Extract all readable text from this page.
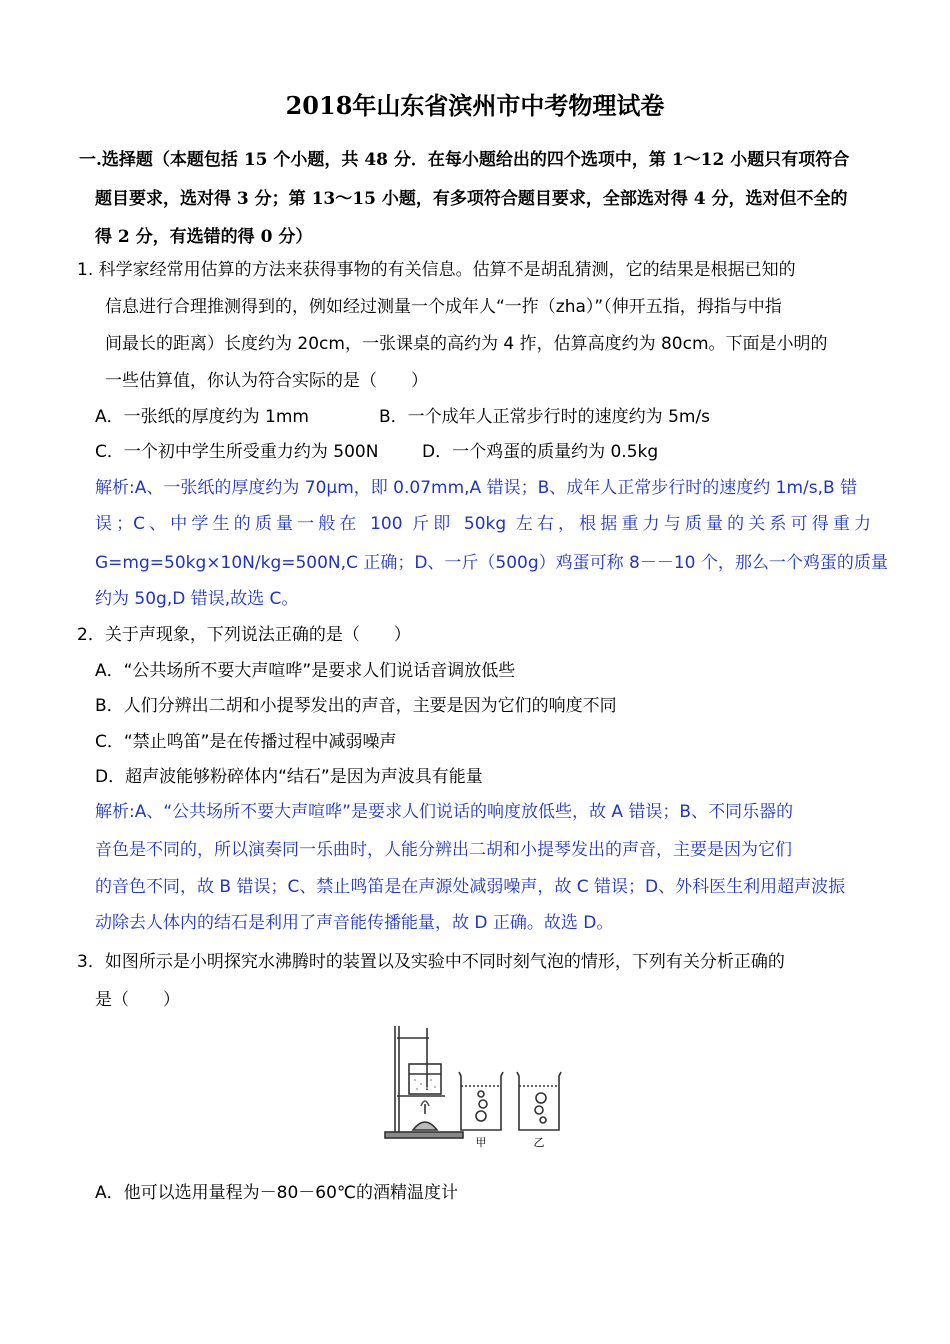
2018年山东省滨州市中考物理试卷
一.选择题（本题包括 15 个小题，共 48 分．在每小题给出的四个选项中，第 1～12 小题只有项符合
题目要求，选对得 3 分；第 13～15 小题，有多项符合题目要求，全部选对得 4 分，选对但不全的
得 2 分，有选错的得 0 分）
1. 科学家经常用估算的方法来获得事物的有关信息。估算不是胡乱猜测，它的结果是根据已知的
信息进行合理推测得到的，例如经过测量一个成年人“一拃（zha）”（伸开五指，拇指与中指
间最长的距离）长度约为 20cm，一张课桌的高约为 4 拃，估算高度约为 80cm。下面是小明的
一些估算值，你认为符合实际的是（　　）
A．一张纸的厚度约为 1mm	B．一个成年人正常步行时的速度约为 5m/s
C．一个初中学生所受重力约为 500N	D．一个鸡蛋的质量约为 0.5kg
解析:A、一张纸的厚度约为 70μm，即 0.07mm,A 错误；B、成年人正常步行时的速度约 1m/s,B 错
误；C、中学生的质量一般在 100 斤即 50kg 左右，根据重力与质量的关系可得重力
G=mg=50kg×10N/kg=500N,C 正确；D、一斤（500g）鸡蛋可称 8－－10 个，那么一个鸡蛋的质量
约为 50g,D 错误,故选 C。
2．关于声现象，下列说法正确的是（　　）
A．“公共场所不要大声喧哗”是要求人们说话音调放低些
B．人们分辨出二胡和小提琴发出的声音，主要是因为它们的响度不同
C．“禁止鸣笛”是在传播过程中减弱噪声
D．超声波能够粉碎体内“结石”是因为声波具有能量
解析:A、“公共场所不要大声喧哗”是要求人们说话的响度放低些，故 A 错误；B、不同乐器的
音色是不同的，所以演奏同一乐曲时，人能分辨出二胡和小提琴发出的声音，主要是因为它们
的音色不同，故 B 错误；C、禁止鸣笛是在声源处减弱噪声，故 C 错误；D、外科医生利用超声波振
动除去人体内的结石是利用了声音能传播能量，故 D 正确。故选 D。
3．如图所示是小明探究水沸腾时的装置以及实验中不同时刻气泡的情形，下列有关分析正确的
是（　　）
甲	乙
A．他可以选用量程为－80－60℃的酒精温度计
